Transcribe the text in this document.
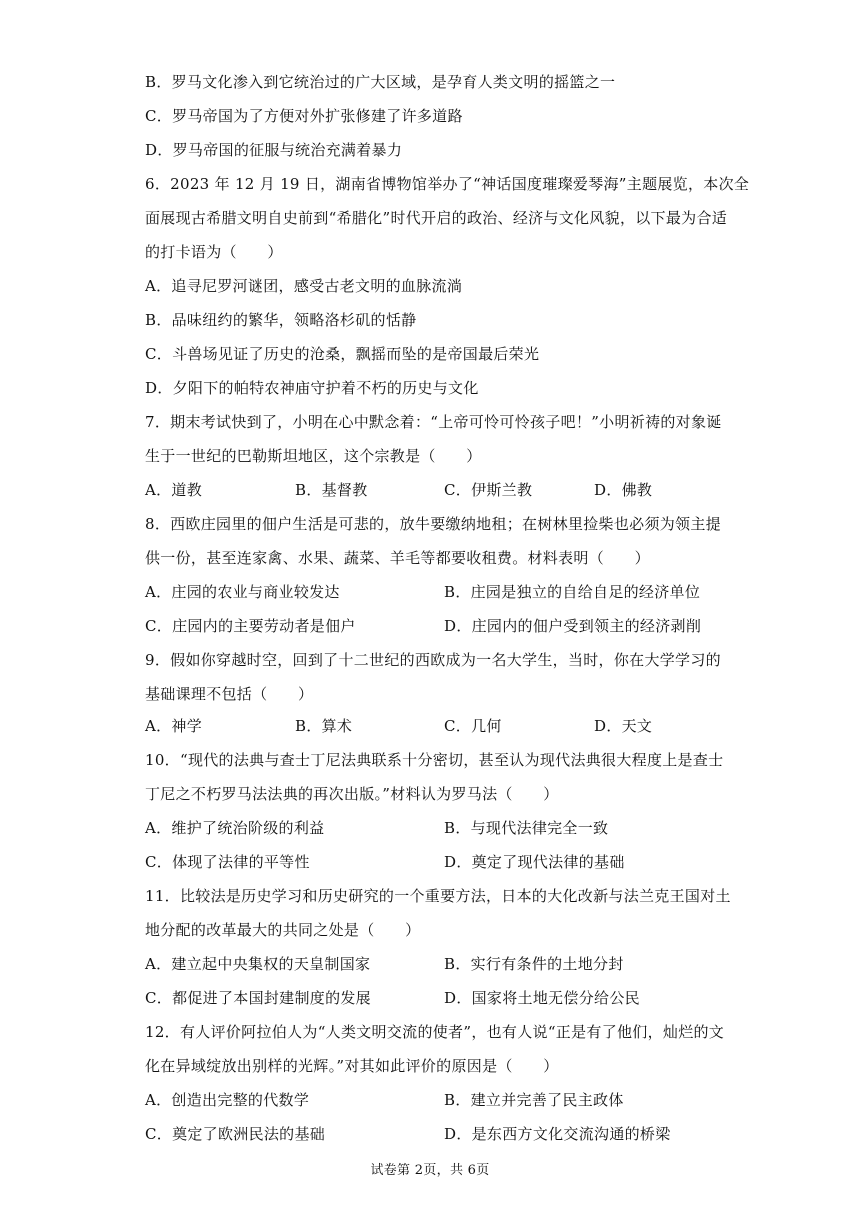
B．罗马文化渗入到它统治过的广大区域，是孕育人类文明的摇篮之一
C．罗马帝国为了方便对外扩张修建了许多道路
D．罗马帝国的征服与统治充满着暴力
6．2023 年 12 月 19 日，湖南省博物馆举办了“神话国度璀璨爱琴海”主题展览，本次全
面展现古希腊文明自史前到“希腊化”时代开启的政治、经济与文化风貌，以下最为合适
的打卡语为（　　）
A．追寻尼罗河谜团，感受古老文明的血脉流淌
B．品味纽约的繁华，领略洛杉矶的恬静
C．斗兽场见证了历史的沧桑，飘摇而坠的是帝国最后荣光
D．夕阳下的帕特农神庙守护着不朽的历史与文化
7．期末考试快到了，小明在心中默念着：“上帝可怜可怜孩子吧！”小明祈祷的对象诞
生于一世纪的巴勒斯坦地区，这个宗教是（　　）
A．道教	B．基督教	C．伊斯兰教	D．佛教
8．西欧庄园里的佃户生活是可悲的，放牛要缴纳地租；在树林里捡柴也必须为领主提
供一份，甚至连家禽、水果、蔬菜、羊毛等都要收租费。材料表明（　　）
A．庄园的农业与商业较发达	B．庄园是独立的自给自足的经济单位
C．庄园内的主要劳动者是佃户	D．庄园内的佃户受到领主的经济剥削
9．假如你穿越时空，回到了十二世纪的西欧成为一名大学生，当时，你在大学学习的
基础课理不包括（　　）
A．神学	B．算术	C．几何	D．天文
10．“现代的法典与查士丁尼法典联系十分密切，甚至认为现代法典很大程度上是查士
丁尼之不朽罗马法法典的再次出版。”材料认为罗马法（　　）
A．维护了统治阶级的利益	B．与现代法律完全一致
C．体现了法律的平等性	D．奠定了现代法律的基础
11．比较法是历史学习和历史研究的一个重要方法，日本的大化改新与法兰克王国对土
地分配的改革最大的共同之处是（　　）
A．建立起中央集权的天皇制国家	B．实行有条件的土地分封
C．都促进了本国封建制度的发展	D．国家将土地无偿分给公民
12．有人评价阿拉伯人为“人类文明交流的使者”，也有人说“正是有了他们，灿烂的文
化在异域绽放出别样的光辉。”对其如此评价的原因是（　　）
A．创造出完整的代数学	B．建立并完善了民主政体
C．奠定了欧洲民法的基础	D．是东西方文化交流沟通的桥梁
试卷第 2页，共 6页
